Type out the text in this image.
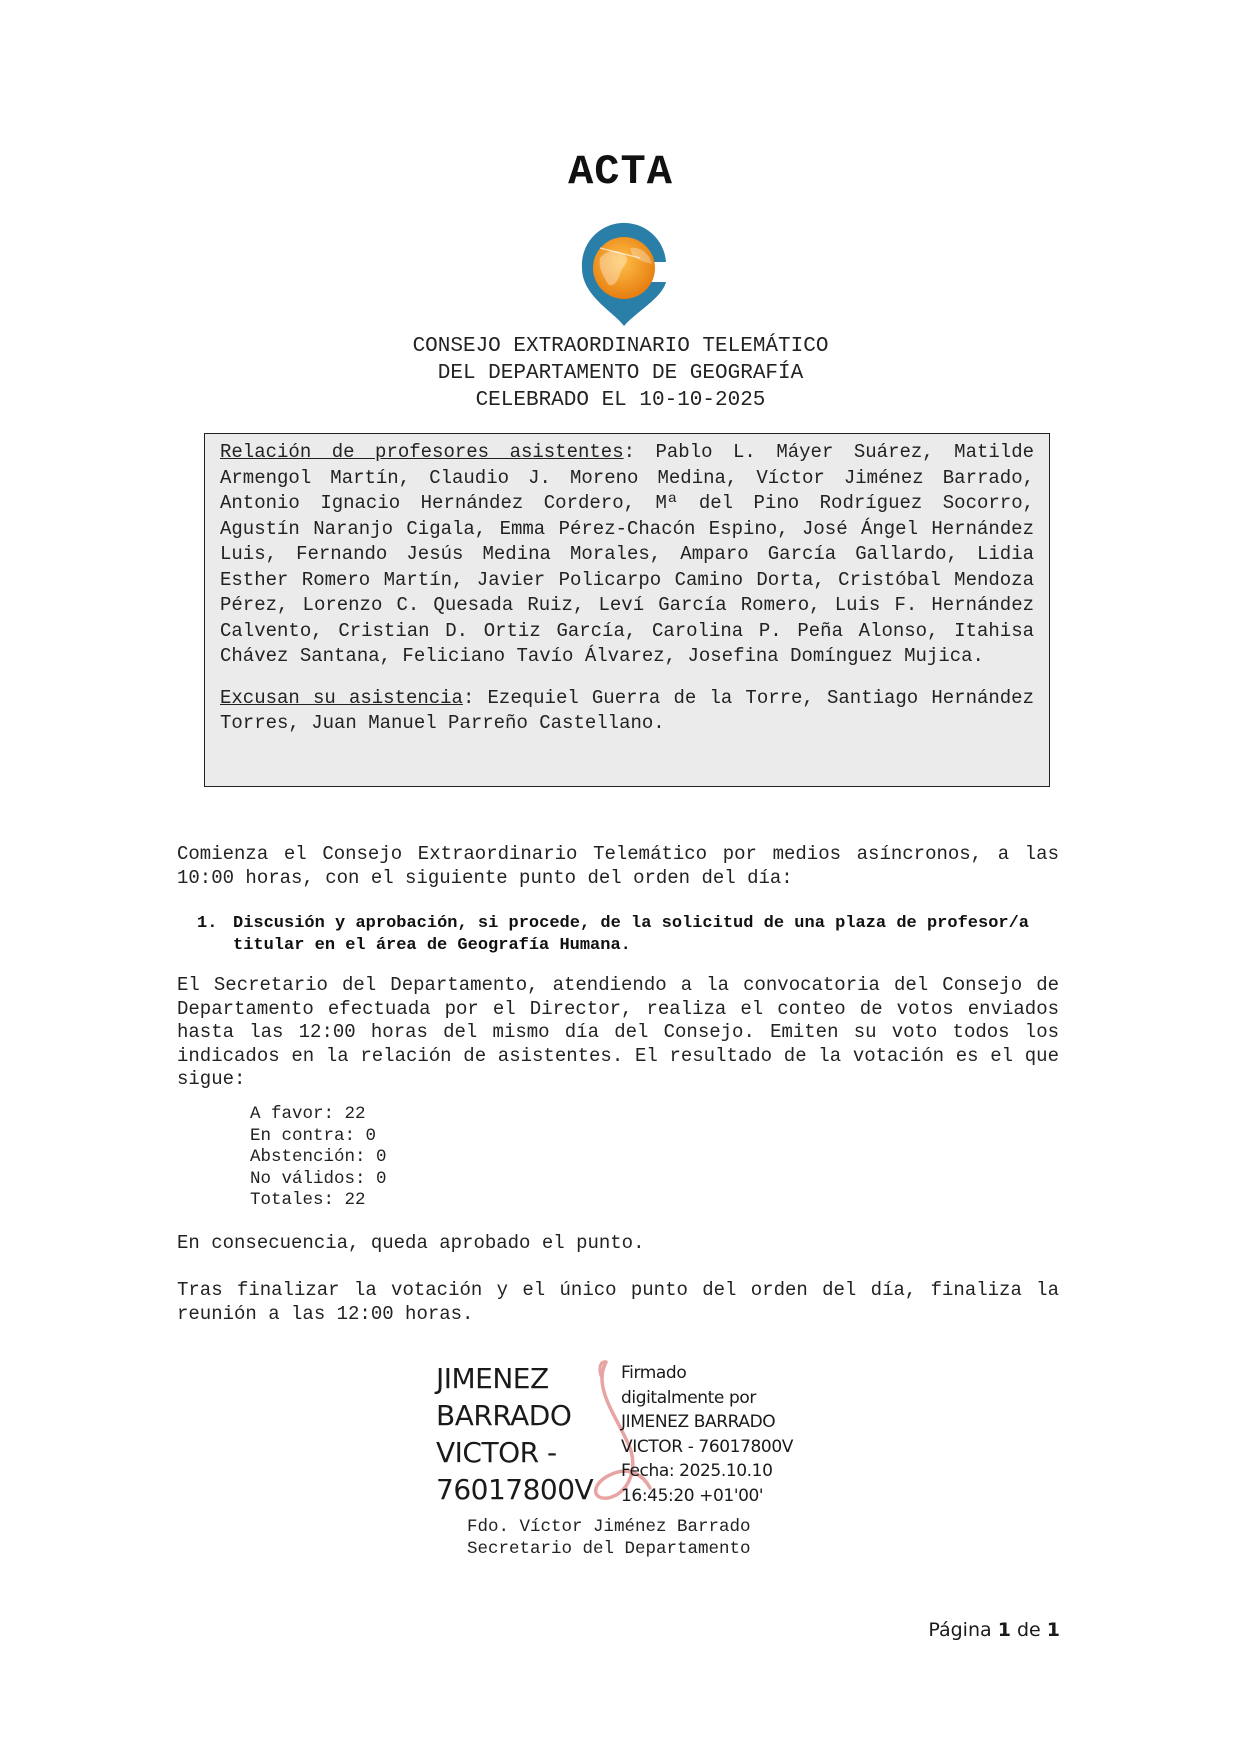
ACTA
CONSEJO EXTRAORDINARIO TELEMÁTICO
DEL DEPARTAMENTO DE GEOGRAFÍA
CELEBRADO EL 10-10-2025

Relación de profesores asistentes: Pablo L. Máyer Suárez, Matilde Armengol Martín, Claudio J. Moreno Medina, Víctor Jiménez Barrado, Antonio Ignacio Hernández Cordero, Mª del Pino Rodríguez Socorro, Agustín Naranjo Cigala, Emma Pérez-Chacón Espino, José Ángel Hernández Luis, Fernando Jesús Medina Morales, Amparo García Gallardo, Lidia Esther Romero Martín, Javier Policarpo Camino Dorta, Cristóbal Mendoza Pérez, Lorenzo C. Quesada Ruiz, Leví García Romero, Luis F. Hernández Calvento, Cristian D. Ortiz García, Carolina P. Peña Alonso, Itahisa Chávez Santana, Feliciano Tavío Álvarez, Josefina Domínguez Mujica.

Excusan su asistencia: Ezequiel Guerra de la Torre, Santiago Hernández Torres, Juan Manuel Parreño Castellano.

Comienza el Consejo Extraordinario Telemático por medios asíncronos, a las 10:00 horas, con el siguiente punto del orden del día:

1. Discusión y aprobación, si procede, de la solicitud de una plaza de profesor/a titular en el área de Geografía Humana.

El Secretario del Departamento, atendiendo a la convocatoria del Consejo de Departamento efectuada por el Director, realiza el conteo de votos enviados hasta las 12:00 horas del mismo día del Consejo. Emiten su voto todos los indicados en la relación de asistentes. El resultado de la votación es el que sigue:

A favor: 22
En contra: 0
Abstención: 0
No válidos: 0
Totales: 22

En consecuencia, queda aprobado el punto.

Tras finalizar la votación y el único punto del orden del día, finaliza la reunión a las 12:00 horas.

JIMENEZ
BARRADO
VICTOR -
76017800V
Firmado
digitalmente por
JIMENEZ BARRADO
VICTOR - 76017800V
Fecha: 2025.10.10
16:45:20 +01'00'
Fdo. Víctor Jiménez Barrado
Secretario del Departamento
Página 1 de 1
